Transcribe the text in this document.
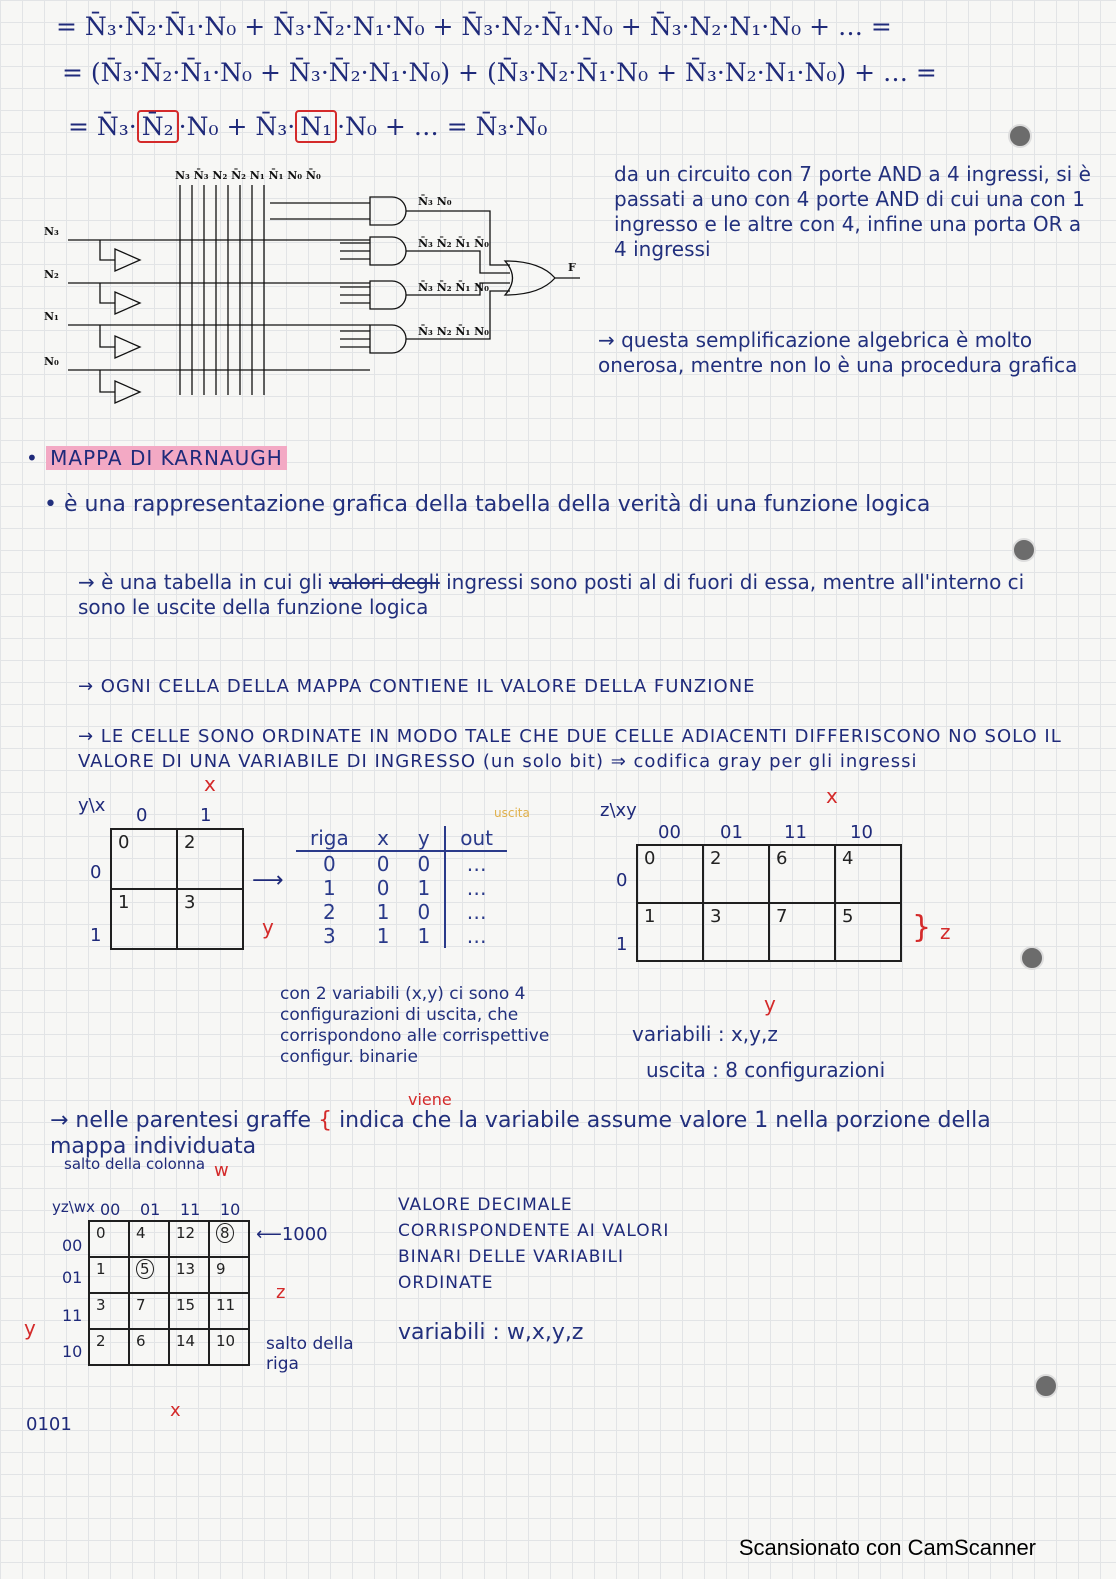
= N̄₃·N̄₂·N̄₁·N₀ + N̄₃·N̄₂·N₁·N₀ + N̄₃·N₂·N̄₁·N₀ + N̄₃·N₂·N₁·N₀ + … =
= (N̄₃·N̄₂·N̄₁·N₀ + N̄₃·N̄₂·N₁·N₀) + (N̄₃·N₂·N̄₁·N₀ + N̄₃·N₂·N₁·N₀) + … =
= N̄₃· N̄₂ ·N₀ + N̄₃· N₁ ·N₀ + … = N̄₃·N₀
N₃ N̄₃ N₂ N̄₂ N₁ N̄₁ N₀ N̄₀
N₃
N₂
N₁
N₀
N̄₃ N₀
N̄₃ N̄₂ N̄₁ N̄₀
N̄₃ N̄₂ N̄₁ N₀
N̄₃ N₂ N̄₁ N₀
F
da un circuito con 7 porte AND a 4 ingressi, si è passati a uno con 4 porte AND di cui una con 1 ingresso e le altre con 4, infine una porta OR a 4 ingressi
→ questa semplificazione algebrica è molto onerosa, mentre non lo è una procedura grafica
• MAPPA DI KARNAUGH
• è una rappresentazione grafica della tabella della verità di una funzione logica
→ è una tabella in cui gli valori degli ingressi sono posti al di fuori di essa, mentre all'interno ci sono le uscite della funzione logica
→ OGNI CELLA DELLA MAPPA CONTIENE IL VALORE DELLA FUNZIONE
→ LE CELLE SONO ORDINATE IN MODO TALE CHE DUE CELLE ADIACENTI DIFFERISCONO NO SOLO IL VALORE DI UNA VARIABILE DI INGRESSO (un solo bit) ⇒ codifica gray per gli ingressi
y\x
x
0	1
0
1
0	2
1	3
y
⟶
uscita
riga	x	y	out
0	0	0	…
1	0	1	…
2	1	0	…
3	1	1	…
con 2 variabili (x,y) ci sono 4 configurazioni di uscita, che corrispondono alle corrispettive configur. binarie
z\xy
x
00 01 11 10
0
1
0	2	6	4
1	3	7	5 } z
y
variabili : x,y,z
uscita : 8 configurazioni
viene
→ nelle parentesi graffe { indica che la variabile assume valore 1 nella porzione della mappa individuata
salto della colonna w
yz\wx 00 01 11 10
00
01
11
10
0	4	12	8
1	5	13	9
3	7	15	11
2	6	14	10
⟵1000
z
y
salto della riga
x
0101
VALORE DECIMALE CORRISPONDENTE AI VALORI BINARI DELLE VARIABILI ORDINATE
variabili : w,x,y,z
Scansionato con CamScanner
